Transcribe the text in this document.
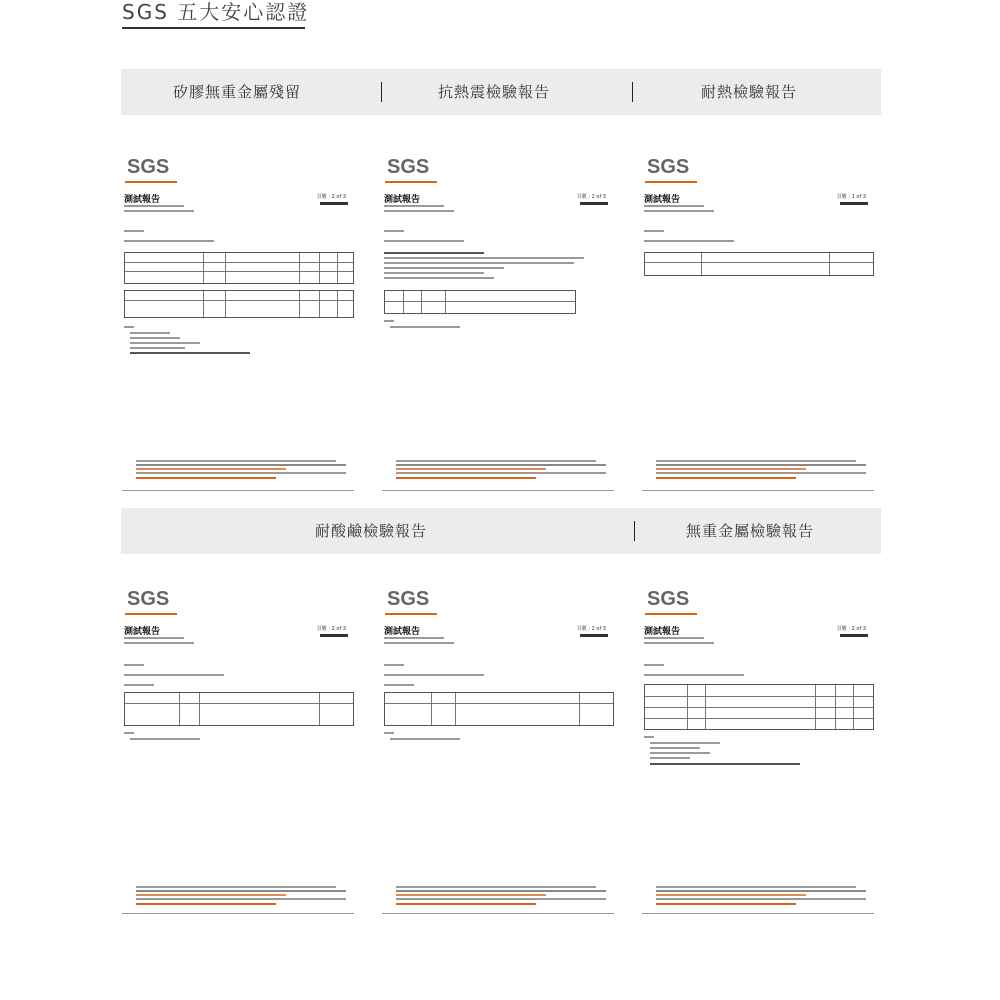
SGS 五大安心認證
矽膠無重金屬殘留	抗熱震檢驗報告	耐熱檢驗報告
耐酸鹼檢驗報告	無重金屬檢驗報告
SGS
測試報告	頁數 : 2 of 3
SGS
測試報告	頁數 : 2 of 3
SGS
測試報告	頁數 : 1 of 3
SGS
測試報告	頁數 : 2 of 3
SGS
測試報告	頁數 : 2 of 3
SGS
測試報告	頁數 : 2 of 3
